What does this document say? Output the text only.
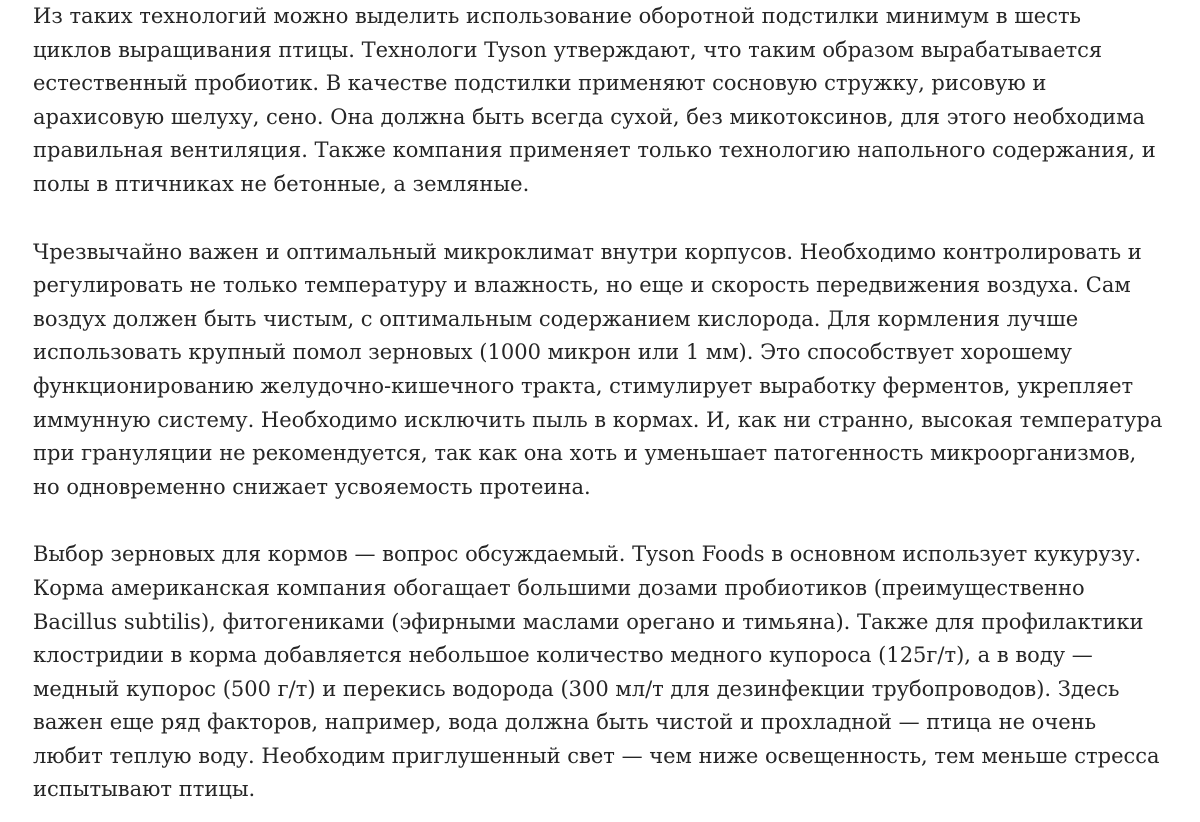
Из таких технологий можно выделить использование оборотной подстилки минимум в шесть
циклов выращивания птицы. Технологи Tyson утверждают, что таким образом вырабатывается
естественный пробиотик. В качестве подстилки применяют сосновую стружку, рисовую и
арахисовую шелуху, сено. Она должна быть всегда сухой, без микотоксинов, для этого необходима
правильная вентиляция. Также компания применяет только технологию напольного содержания, и
полы в птичниках не бетонные, а земляные.

Чрезвычайно важен и оптимальный микроклимат внутри корпусов. Необходимо контролировать и
регулировать не только температуру и влажность, но еще и скорость передвижения воздуха. Сам
воздух должен быть чистым, с оптимальным содержанием кислорода. Для кормления лучше
использовать крупный помол зерновых (1000 микрон или 1 мм). Это способствует хорошему
функционированию желудочно-кишечного тракта, стимулирует выработку ферментов, укрепляет
иммунную систему. Необходимо исключить пыль в кормах. И, как ни странно, высокая температура
при грануляции не рекомендуется, так как она хоть и уменьшает патогенность микроорганизмов,
но одновременно снижает усвояемость протеина.

Выбор зерновых для кормов — вопрос обсуждаемый. Tyson Foods в основном использует кукурузу.
Корма американская компания обогащает большими дозами пробиотиков (преимущественно
Bacillus subtilis), фитогениками (эфирными маслами орегано и тимьяна). Также для профилактики
клостридии в корма добавляется небольшое количество медного купороса (125г/т), а в воду —
медный купорос (500 г/т) и перекись водорода (300 мл/т для дезинфекции трубопроводов). Здесь
важен еще ряд факторов, например, вода должна быть чистой и прохладной — птица не очень
любит теплую воду. Необходим приглушенный свет — чем ниже освещенность, тем меньше стресса
испытывают птицы.
